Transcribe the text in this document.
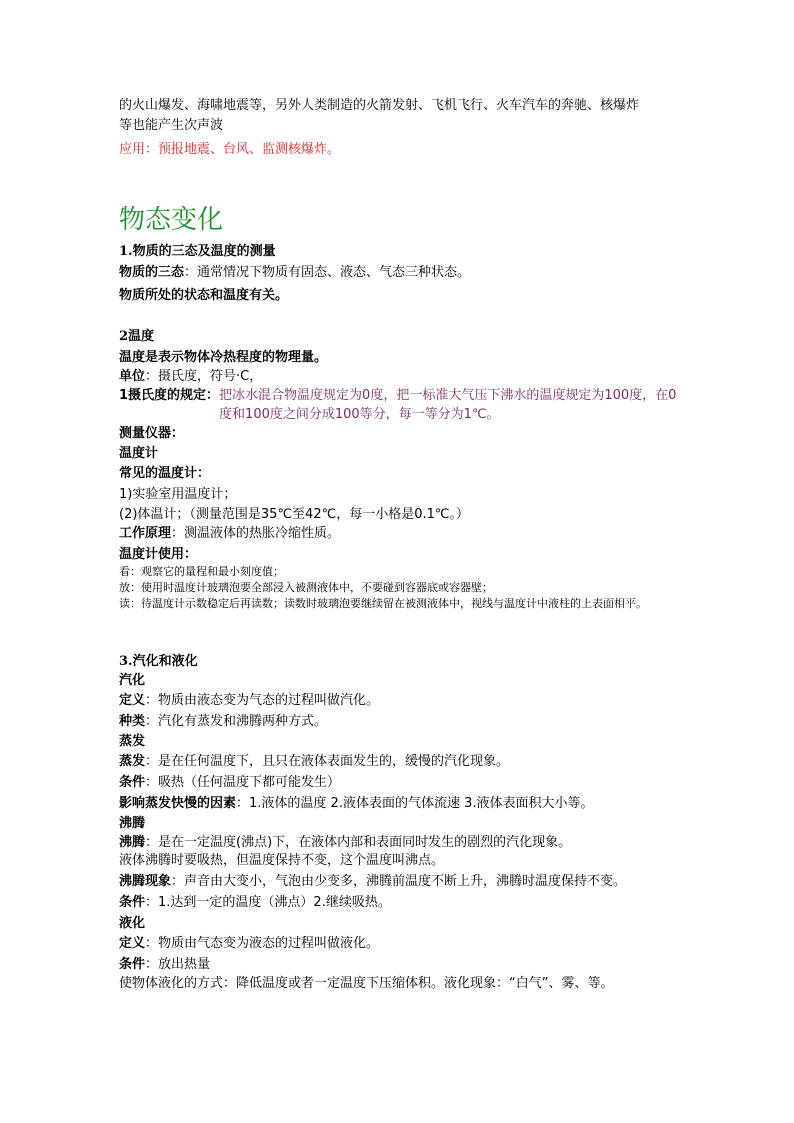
的火山爆发、海啸地震等，另外人类制造的火箭发射、飞机飞行、火车汽车的奔驰、核爆炸
等也能产生次声波
应用：预报地震、台风、监测核爆炸。
物态变化
1.物质的三态及温度的测量
物质的三态：通常情况下物质有固态、液态、气态三种状态。
物质所处的状态和温度有关。
2温度
温度是表示物体冷热程度的物理量。
单位：摄氏度，符号·C，
1摄氏度的规定： 把冰水混合物温度规定为0度，把一标准大气压下沸水的温度规定为100度，在0度和100度之间分成100等分，每一等分为1℃。
测量仪器：
温度计
常见的温度计：
1)实验室用温度计；
(2)体温计；（测量范围是35℃至42℃，每一小格是0.1℃。）
工作原理：测温液体的热胀冷缩性质。
温度计使用：
看：观察它的量程和最小刻度值；
放：使用时温度计玻璃泡要全部浸入被测液体中，不要碰到容器底或容器壁；
读：待温度计示数稳定后再读数；读数时玻璃泡要继续留在被测液体中，视线与温度计中液柱的上表面相平。
3.汽化和液化
汽化
定义：物质由液态变为气态的过程叫做汽化。
种类：汽化有蒸发和沸腾两种方式。
蒸发
蒸发：是在任何温度下，且只在液体表面发生的，缓慢的汽化现象。
条件：吸热（任何温度下都可能发生）
影响蒸发快慢的因素：1.液体的温度 2.液体表面的气体流速 3.液体表面积大小等。
沸腾
沸腾：是在一定温度(沸点)下，在液体内部和表面同时发生的剧烈的汽化现象。
液体沸腾时要吸热，但温度保持不变，这个温度叫沸点。
沸腾现象：声音由大变小，气泡由少变多，沸腾前温度不断上升，沸腾时温度保持不变。
条件：1.达到一定的温度（沸点）2.继续吸热。
液化
定义：物质由气态变为液态的过程叫做液化。
条件：放出热量
使物体液化的方式：降低温度或者一定温度下压缩体积。液化现象：“白气”、雾、等。
